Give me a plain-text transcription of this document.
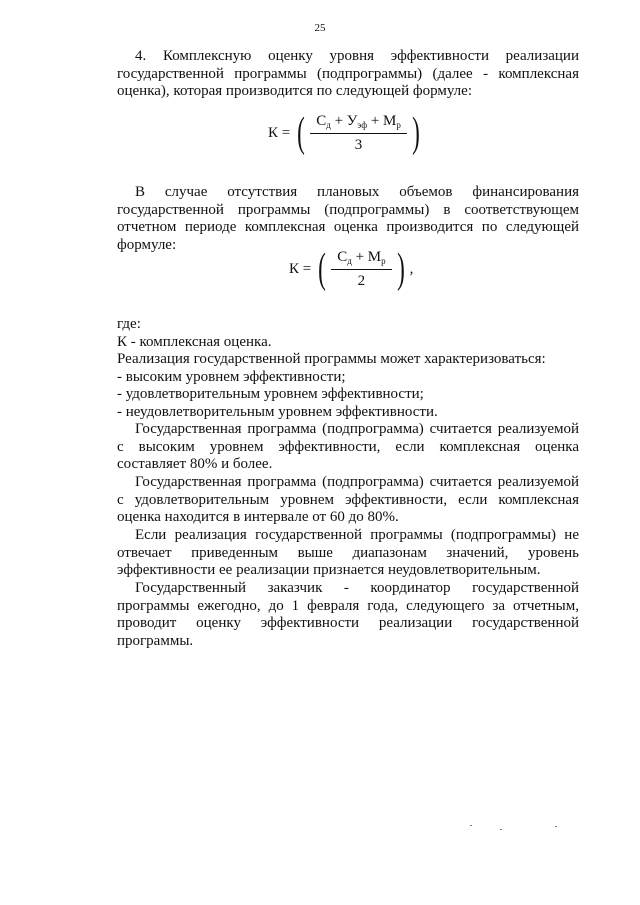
25

4. Комплексную оценку уровня эффективности реализации государственной программы (подпрограммы) (далее - комплексная оценка), которая производится по следующей формуле:

К = ( $\frac{С_д + У_{эф} + М_р}{3}$ )

В случае отсутствия плановых объемов финансирования государственной программы (подпрограммы) в соответствующем отчетном периоде комплексная оценка производится по следующей формуле:

К = ( $\frac{С_д + М_р}{2}$ ) ,

где:

К - комплексная оценка.

Реализация государственной программы может характеризоваться:

- высоким уровнем эффективности;

- удовлетворительным уровнем эффективности;

- неудовлетворительным уровнем эффективности.

Государственная программа (подпрограмма) считается реализуемой с высоким уровнем эффективности, если комплексная оценка составляет 80% и более.

Государственная программа (подпрограмма) считается реализуемой с удовлетворительным уровнем эффективности, если комплексная оценка находится в интервале от 60 до 80%.

Если реализация государственной программы (подпрограммы) не отвечает приведенным выше диапазонам значений, уровень эффективности ее реализации признается неудовлетворительным.

Государственный заказчик - координатор государственной программы ежегодно, до 1 февраля года, следующего за отчетным, проводит оценку эффективности реализации государственной программы.
